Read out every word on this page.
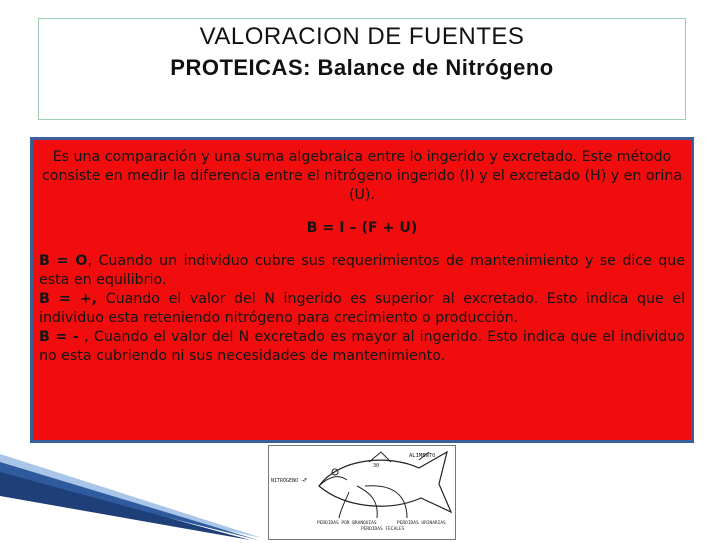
VALORACION DE FUENTES
PROTEICAS: Balance de Nitrógeno

Es una comparación y una suma algebraica entre lo ingerido y excretado. Este método consiste en medir la diferencia entre el nitrógeno ingerido (I) y el excretado (H) y en orina (U).

B = I – (F + U)

B = O, Cuando un individuo cubre sus requerimientos de mantenimiento y se dice que esta en equilibrio.

B = +, Cuando el valor del N ingerido es superior al excretado. Esto indica que el individuo esta reteniendo nitrógeno para crecimiento o producción.

B = - , Cuando el valor del N excretado es mayor al ingerido. Esto indica que el individuo no esta cubriendo ni sus necesidades de mantenimiento.

ALIMENTO
NITRÓGENO →F
30
PERDIDAS POR BRANQUIAS
PERDIDAS FECALES
PERDIDAS URINARIAS
